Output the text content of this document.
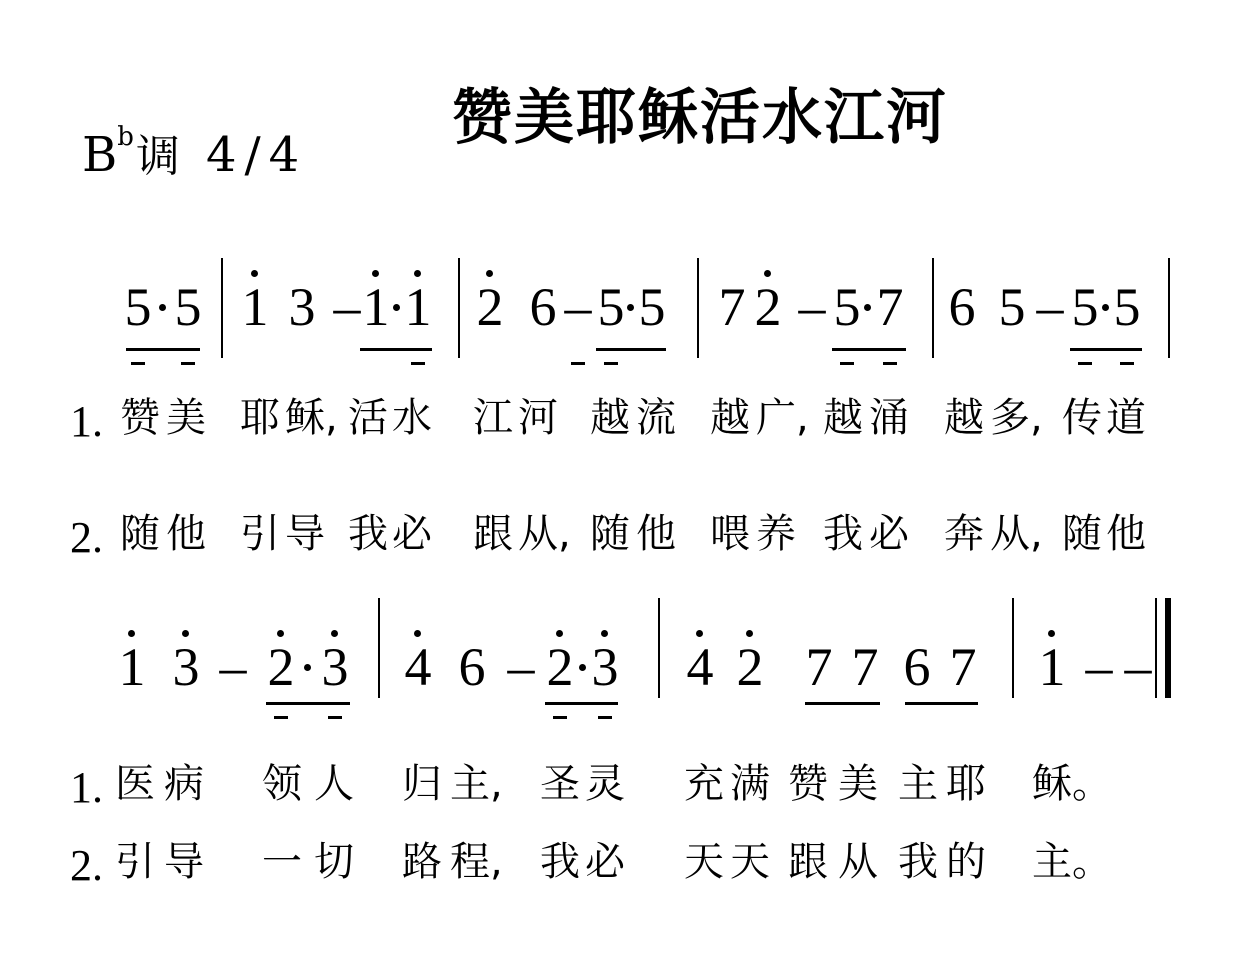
赞美耶稣活水江河
$B^b$调 4/4
5 5 1 3 – 1 1 2 6 – 5 5 7 2 – 5 7 6 5 – 5 5
1. 赞 美 耶 稣, 活 水 江 河 越 流 越 广, 越 涌 越 多, 传 道
2. 随 他 引 导 我 必 跟 从, 随 他 喂 养 我 必 奔 从, 随 他
1 3 – 2 3 4 6 – 2 3 4 2 7 7 6 7 1 – –
1. 医 病 领 人 归 主, 圣 灵 充 满 赞 美 主 耶 稣。
2. 引 导 一 切 路 程, 我 必 天 天 跟 从 我 的 主。
